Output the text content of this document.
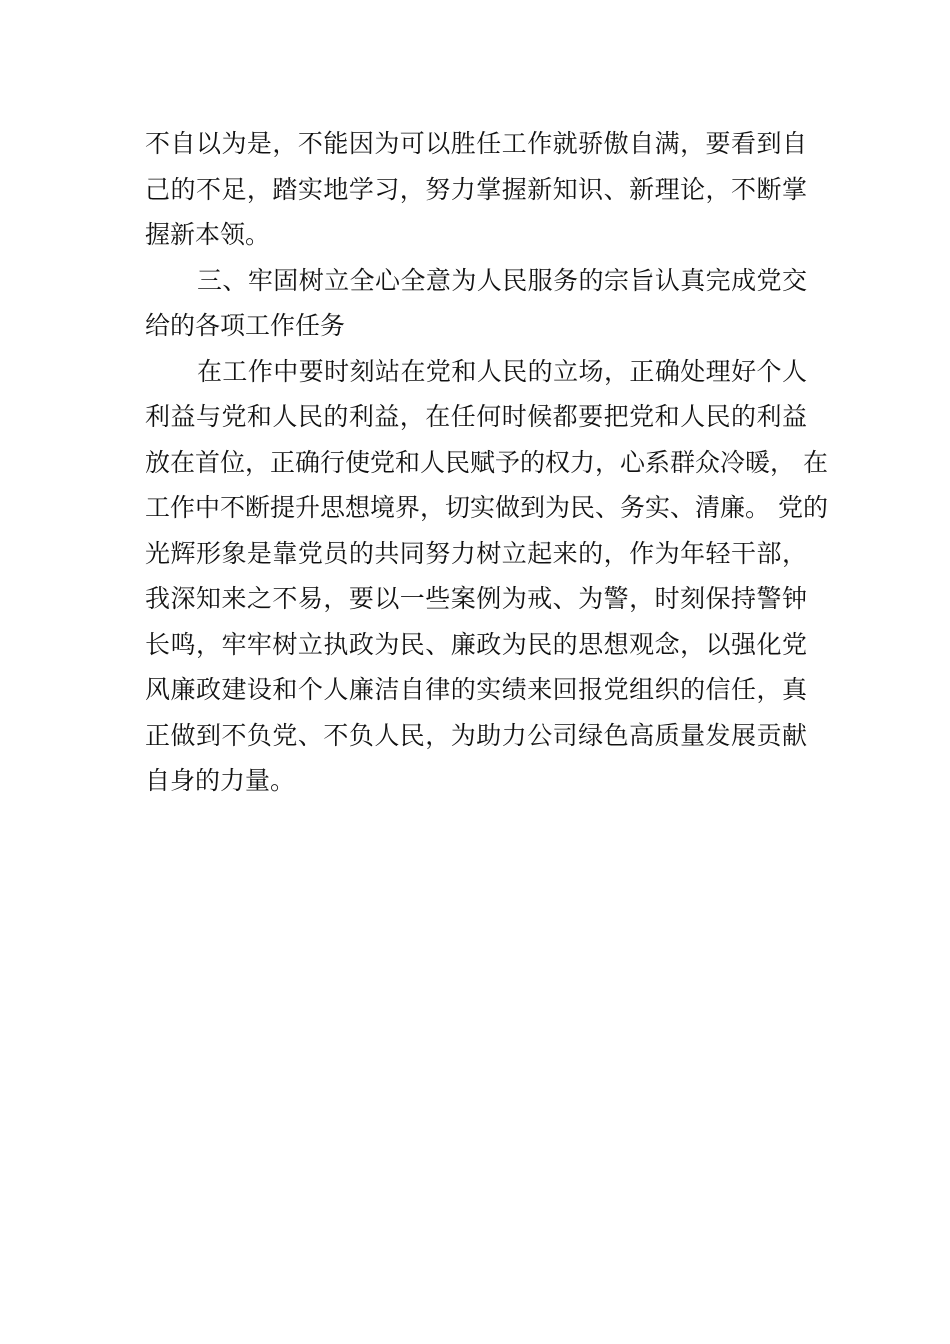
不自以为是，不能因为可以胜任工作就骄傲自满，要看到自
己的不足，踏实地学习，努力掌握新知识、新理论，不断掌
握新本领。
三、牢固树立全心全意为人民服务的宗旨认真完成党交
给的各项工作任务
在工作中要时刻站在党和人民的立场，正确处理好个人
利益与党和人民的利益，在任何时候都要把党和人民的利益
放在首位，正确行使党和人民赋予的权力，心系群众冷暖， 在
工作中不断提升思想境界，切实做到为民、务实、清廉。 党的
光辉形象是靠党员的共同努力树立起来的，作为年轻干部，
我深知来之不易，要以一些案例为戒、为警，时刻保持警钟
长鸣，牢牢树立执政为民、廉政为民的思想观念，以强化党
风廉政建设和个人廉洁自律的实绩来回报党组织的信任，真
正做到不负党、不负人民，为助力公司绿色高质量发展贡献
自身的力量。
